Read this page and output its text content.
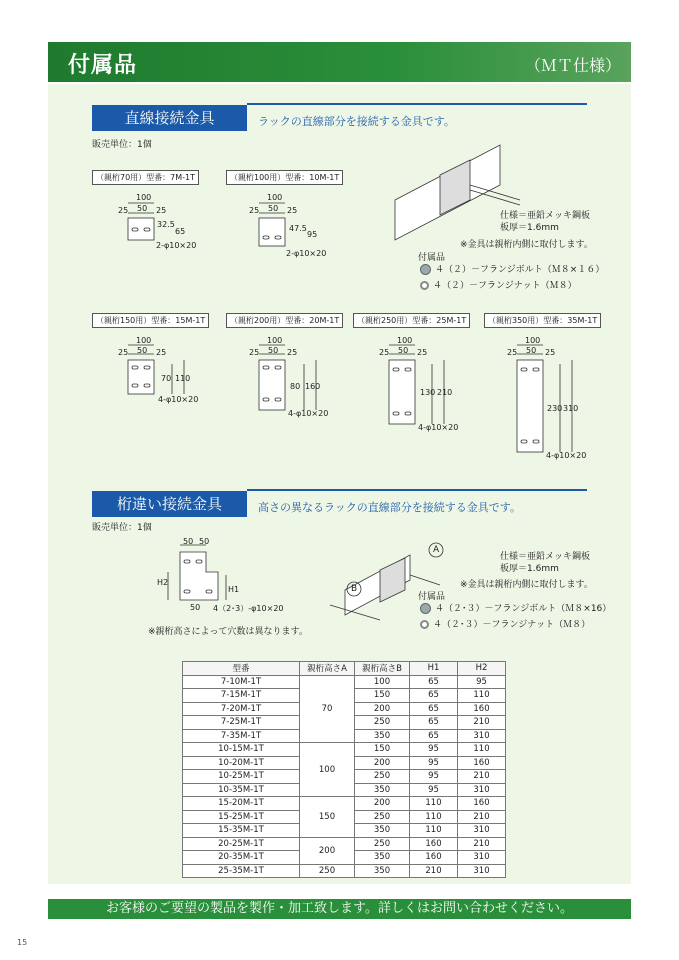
付属品	（ＭＴ仕様）
直線接続金具	ラックの直線部分を接続する金具です。
販売単位：1個
（親桁70用）型番：7M-1T	（親桁100用）型番：10M-1T
（親桁150用）型番：15M-1T	（親桁200用）型番：20M-1T	（親桁250用）型番：25M-1T	（親桁350用）型番：35M-1T
100
50
25	25
32.5
65
2-φ10×20
100
50
25	25
47.5
95
2-φ10×20
100
50
25	25
70 110
4-φ10×20
100
50
25	25
80 160
4-φ10×20
100
50
25	25
130 210
4-φ10×20
100
50
25	25
230 310
4-φ10×20
仕様＝亜鉛メッキ鋼板
板厚＝1.6mm
※金具は親桁内側に取付します。
付属品
４（２）－フランジボルト（Ｍ８×１６）
４（２）－フランジナット（Ｍ８）
桁違い接続金具	高さの異なるラックの直線部分を接続する金具です。
販売単位：1個
50 50
H2
H1
50 4（2･3）-φ10×20
※親桁高さによって穴数は異なります。
A
B
仕様＝亜鉛メッキ鋼板
板厚＝1.6mm
※金具は親桁内側に取付します。
付属品
４（２･３）－フランジボルト（Ｍ８×16）
４（２･３）－フランジナット（Ｍ８）
型番	親桁高さA	親桁高さB	H1	H2
7-10M-1T	70	100	65	95
7-15M-1T		150	65	110
7-20M-1T		200	65	160
7-25M-1T		250	65	210
7-35M-1T		350	65	310
10-15M-1T	100	150	95	110
10-20M-1T		200	95	160
10-25M-1T		250	95	210
10-35M-1T		350	95	310
15-20M-1T	150	200	110	160
15-25M-1T		250	110	210
15-35M-1T		350	110	310
20-25M-1T	200	250	160	210
20-35M-1T		350	160	310
25-35M-1T	250	350	210	310
お客様のご要望の製品を製作・加工致します。詳しくはお問い合わせください。
15
